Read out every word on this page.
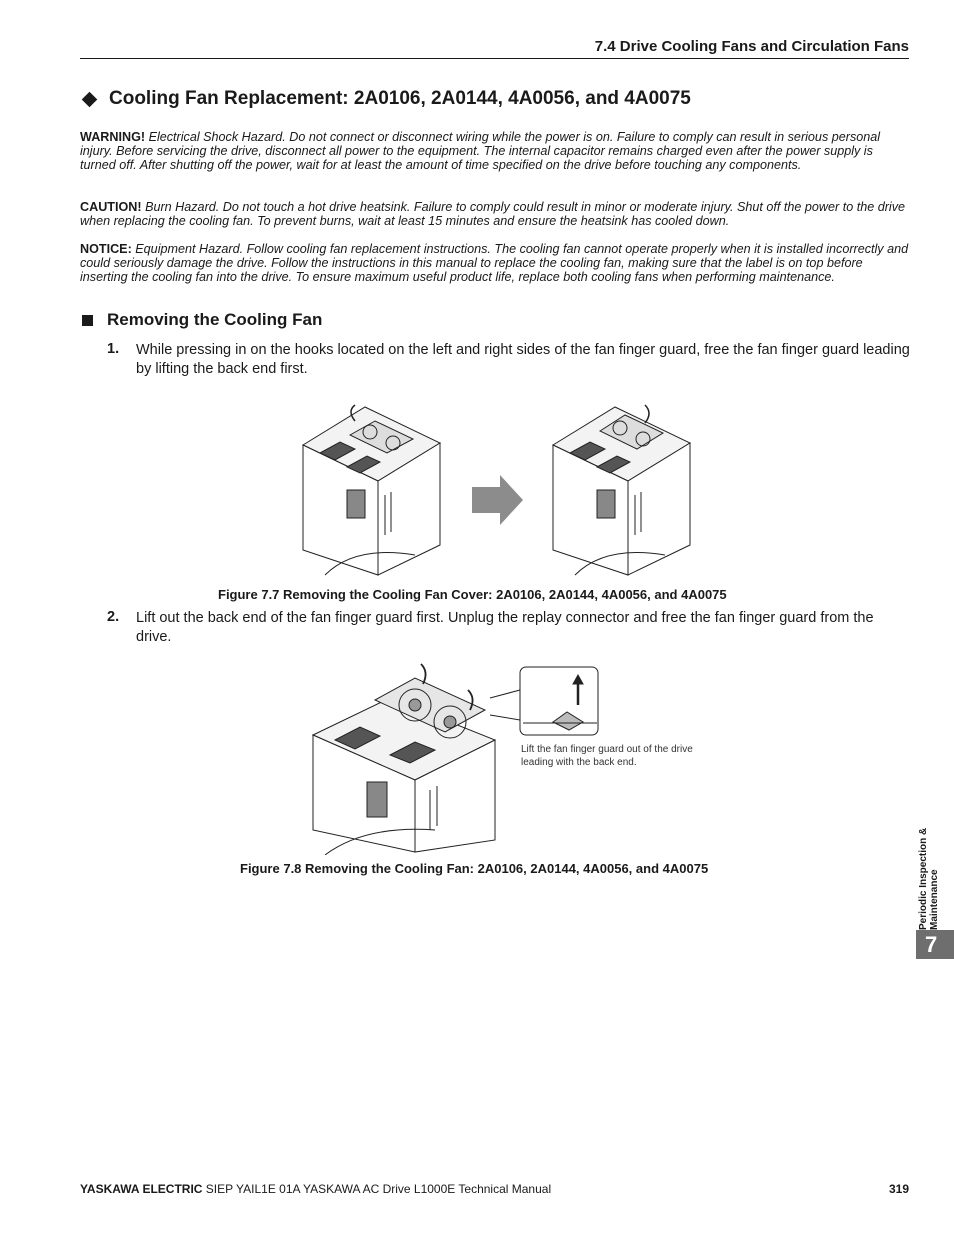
7.4 Drive Cooling Fans and Circulation Fans
Cooling Fan Replacement: 2A0106, 2A0144, 4A0056, and 4A0075
WARNING! Electrical Shock Hazard. Do not connect or disconnect wiring while the power is on. Failure to comply can result in serious personal injury. Before servicing the drive, disconnect all power to the equipment. The internal capacitor remains charged even after the power supply is turned off. After shutting off the power, wait for at least the amount of time specified on the drive before touching any components.
CAUTION! Burn Hazard. Do not touch a hot drive heatsink. Failure to comply could result in minor or moderate injury. Shut off the power to the drive when replacing the cooling fan. To prevent burns, wait at least 15 minutes and ensure the heatsink has cooled down.
NOTICE: Equipment Hazard. Follow cooling fan replacement instructions. The cooling fan cannot operate properly when it is installed incorrectly and could seriously damage the drive. Follow the instructions in this manual to replace the cooling fan, making sure that the label is on top before inserting the cooling fan into the drive. To ensure maximum useful product life, replace both cooling fans when performing maintenance.
Removing the Cooling Fan
1. While pressing in on the hooks located on the left and right sides of the fan finger guard, free the fan finger guard leading by lifting the back end first.
Figure 7.7 Removing the Cooling Fan Cover: 2A0106, 2A0144, 4A0056, and 4A0075
2. Lift out the back end of the fan finger guard first. Unplug the replay connector and free the fan finger guard from the drive.
Lift the fan finger guard out of the drive leading with the back end.
Figure 7.8 Removing the Cooling Fan: 2A0106, 2A0144, 4A0056, and 4A0075	Periodic Inspection & Maintenance
7
YASKAWA ELECTRIC SIEP YAIL1E 01A YASKAWA AC Drive L1000E Technical Manual	319
